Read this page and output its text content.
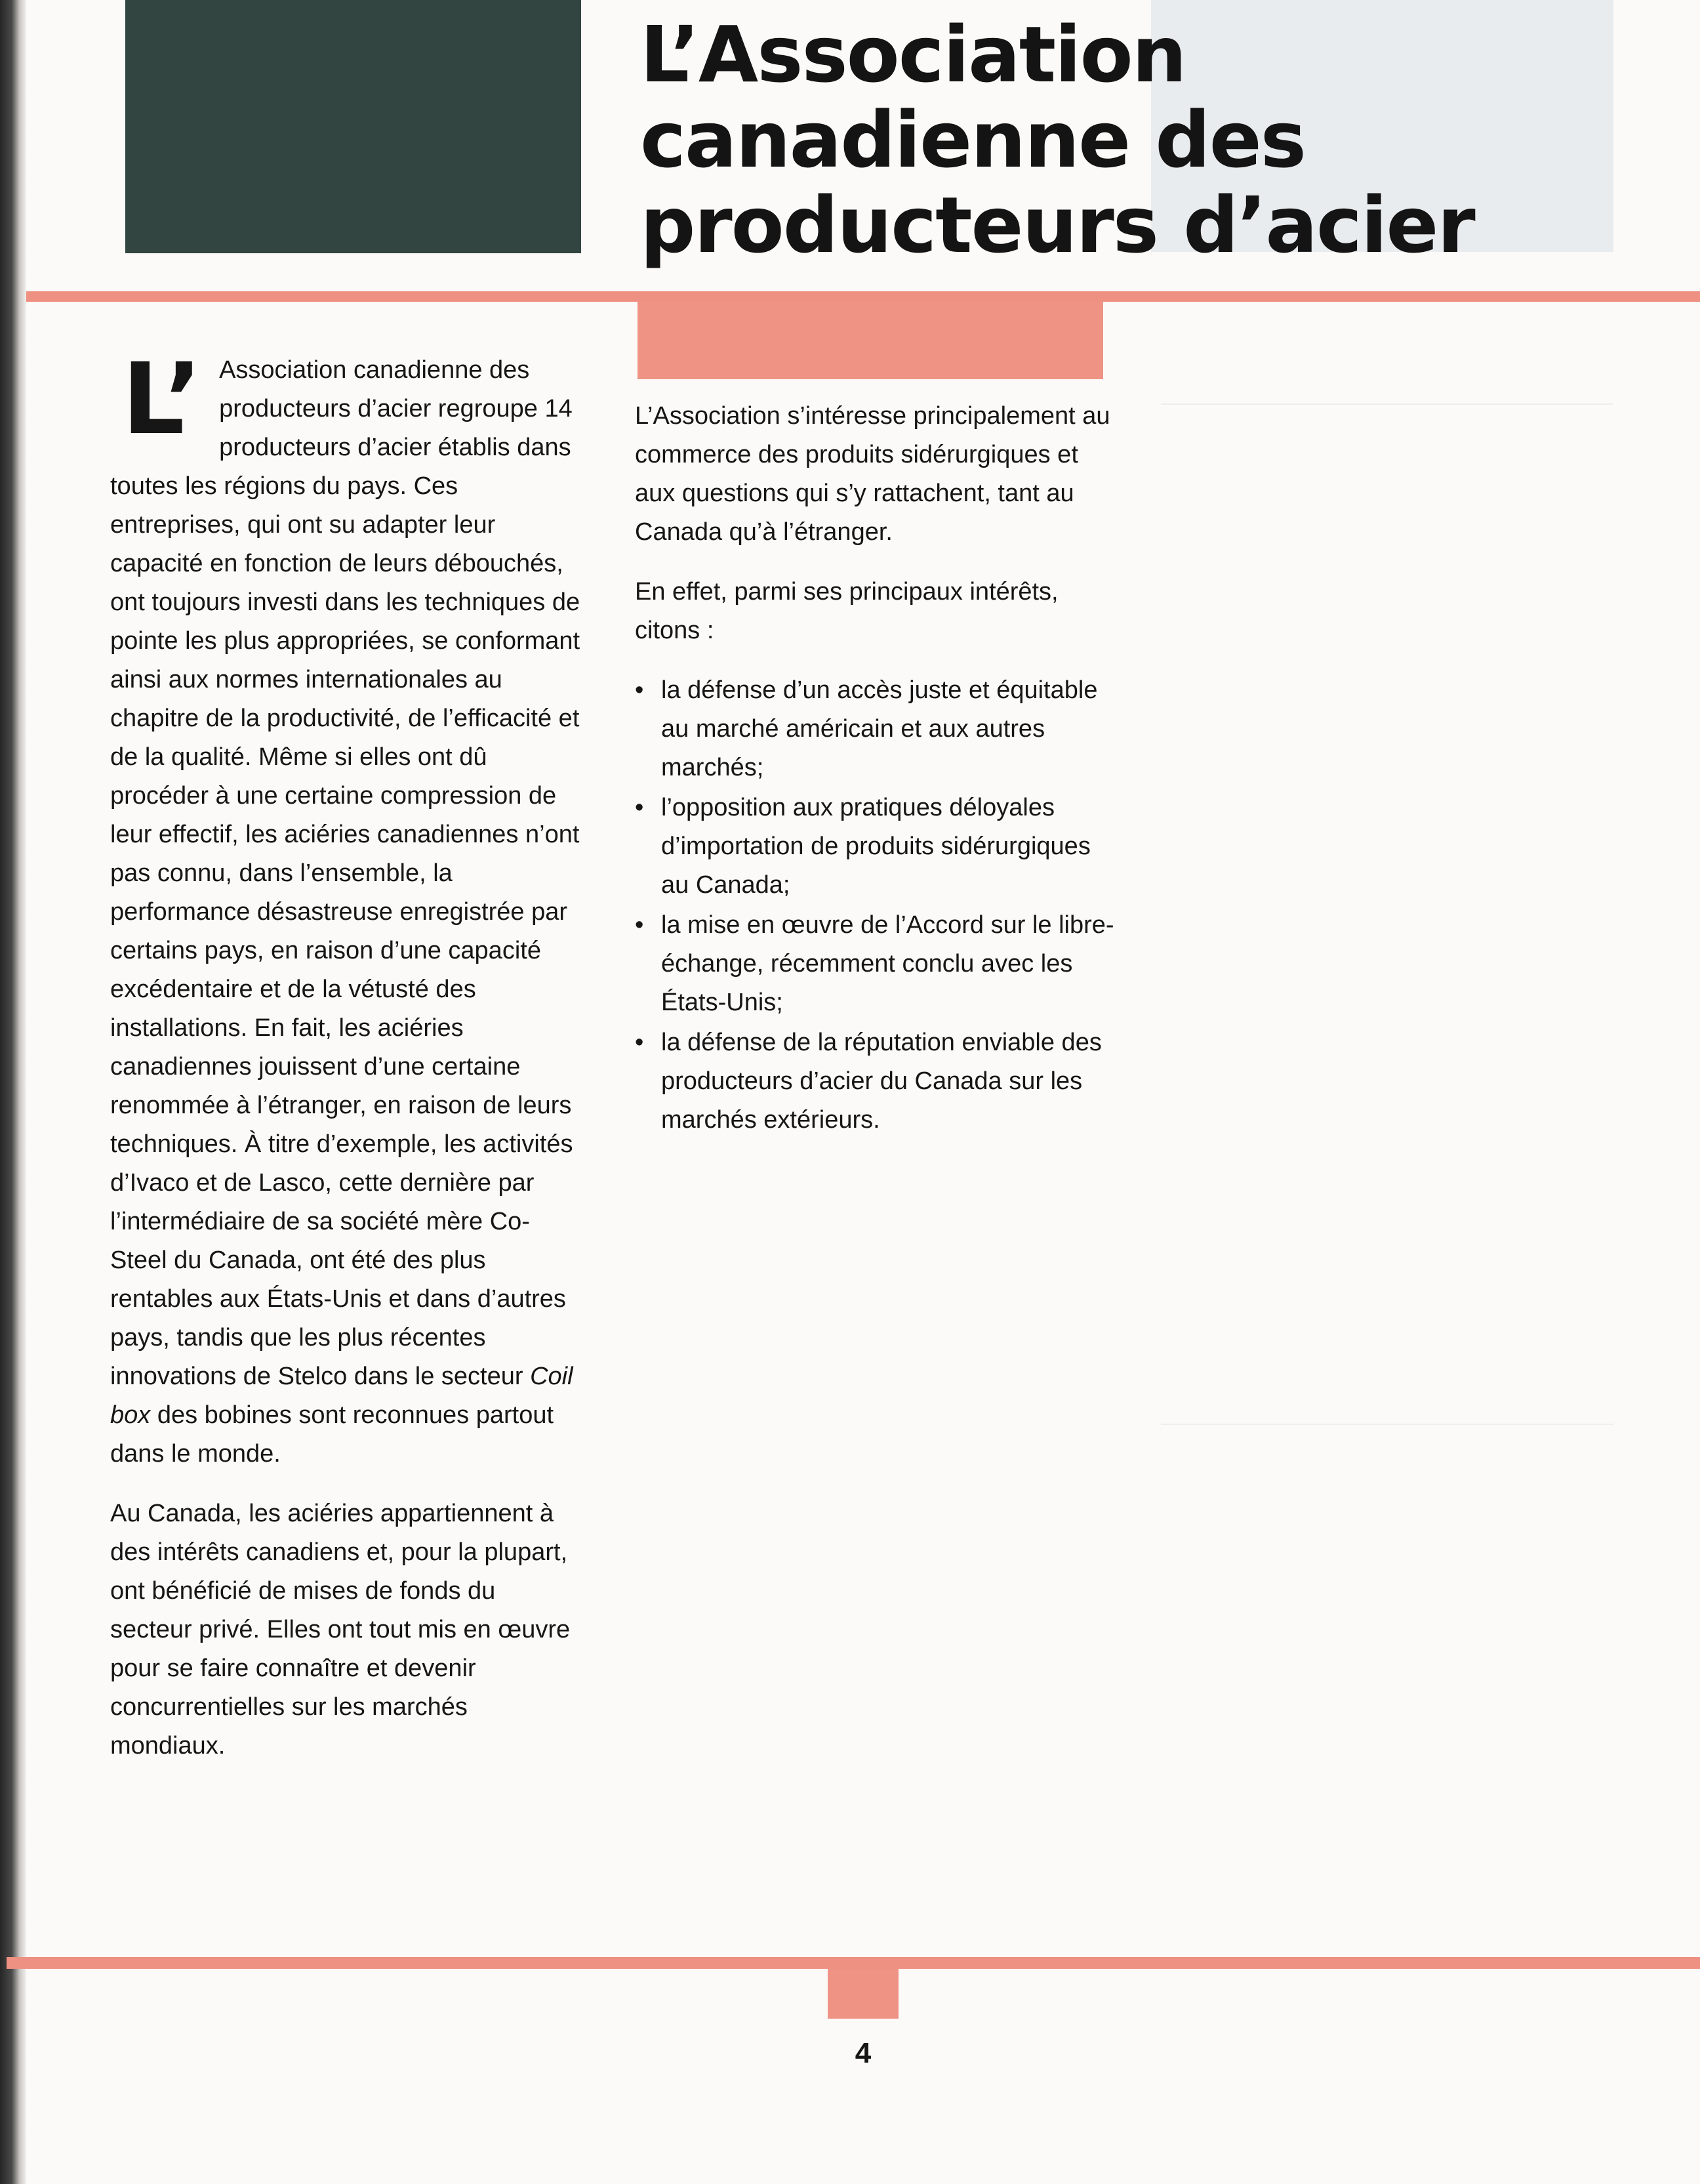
L’Association
canadienne des
producteurs d’acier

L’ Association canadienne des producteurs d’acier regroupe 14 producteurs d’acier établis dans toutes les régions du pays. Ces entreprises, qui ont su adapter leur capacité en fonction de leurs débouchés, ont toujours investi dans les techniques de pointe les plus appropriées, se conformant ainsi aux normes internationales au chapitre de la productivité, de l’efficacité et de la qualité. Même si elles ont dû procéder à une certaine compression de leur effectif, les aciéries canadiennes n’ont pas connu, dans l’ensemble, la performance désastreuse enregistrée par certains pays, en raison d’une capacité excédentaire et de la vétusté des installations. En fait, les aciéries canadiennes jouissent d’une certaine renommée à l’étranger, en raison de leurs techniques. À titre d’exemple, les activités d’Ivaco et de Lasco, cette dernière par l’intermédiaire de sa société mère Co-Steel du Canada, ont été des plus rentables aux États-Unis et dans d’autres pays, tandis que les plus récentes innovations de Stelco dans le secteur Coil box des bobines sont reconnues partout dans le monde.

Au Canada, les aciéries appartiennent à des intérêts canadiens et, pour la plupart, ont bénéficié de mises de fonds du secteur privé. Elles ont tout mis en œuvre pour se faire connaître et devenir concurrentielles sur les marchés mondiaux.

L’Association s’intéresse principalement au commerce des produits sidérurgiques et aux questions qui s’y rattachent, tant au Canada qu’à l’étranger.

En effet, parmi ses principaux intérêts, citons :

• la défense d’un accès juste et équitable au marché américain et aux autres marchés;
• l’opposition aux pratiques déloyales d’importation de produits sidérurgiques au Canada;
• la mise en œuvre de l’Accord sur le libre-échange, récemment conclu avec les États-Unis;
• la défense de la réputation enviable des producteurs d’acier du Canada sur les marchés extérieurs.
4
